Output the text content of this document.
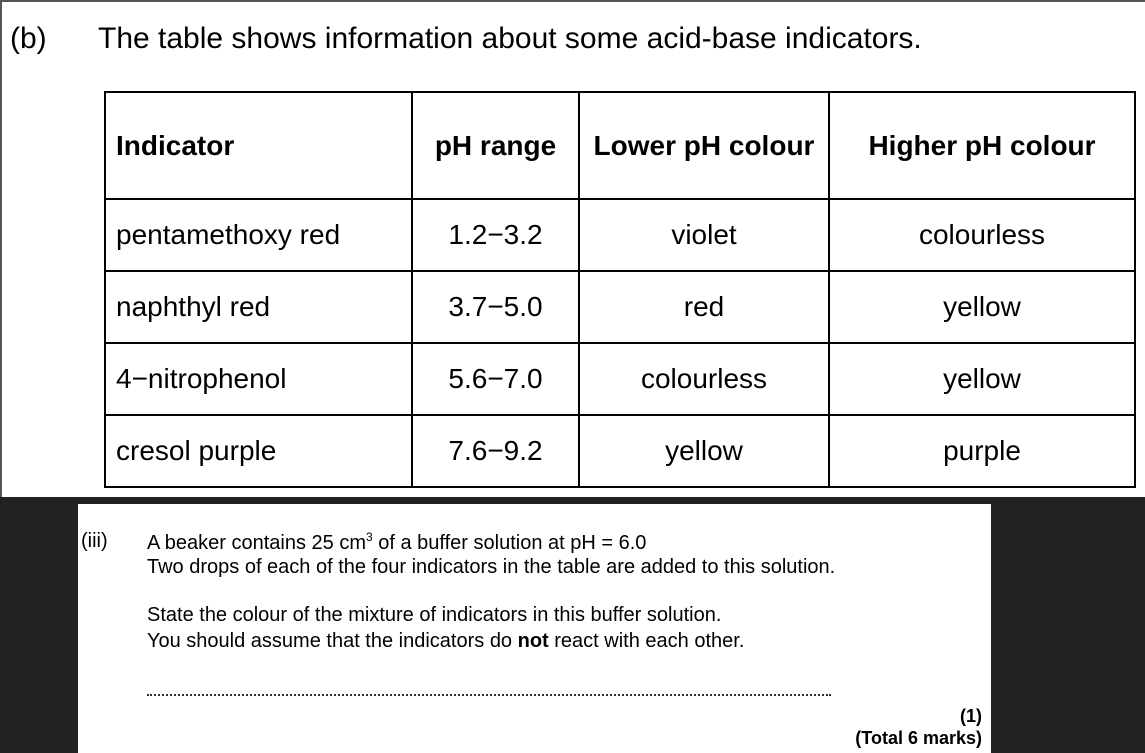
(b) The table shows information about some acid-base indicators.
Indicator	pH range	Lower pH colour	Higher pH colour
pentamethoxy red	1.2−3.2	violet	colourless
naphthyl red	3.7−5.0	red	yellow
4−nitrophenol	5.6−7.0	colourless	yellow
cresol purple	7.6−9.2	yellow	purple
(iii) A beaker contains 25 $cm^3$ of a buffer solution at pH = 6.0
Two drops of each of the four indicators in the table are added to this solution.
State the colour of the mixture of indicators in this buffer solution.
You should assume that the indicators do not react with each other.
(1)
(Total 6 marks)
